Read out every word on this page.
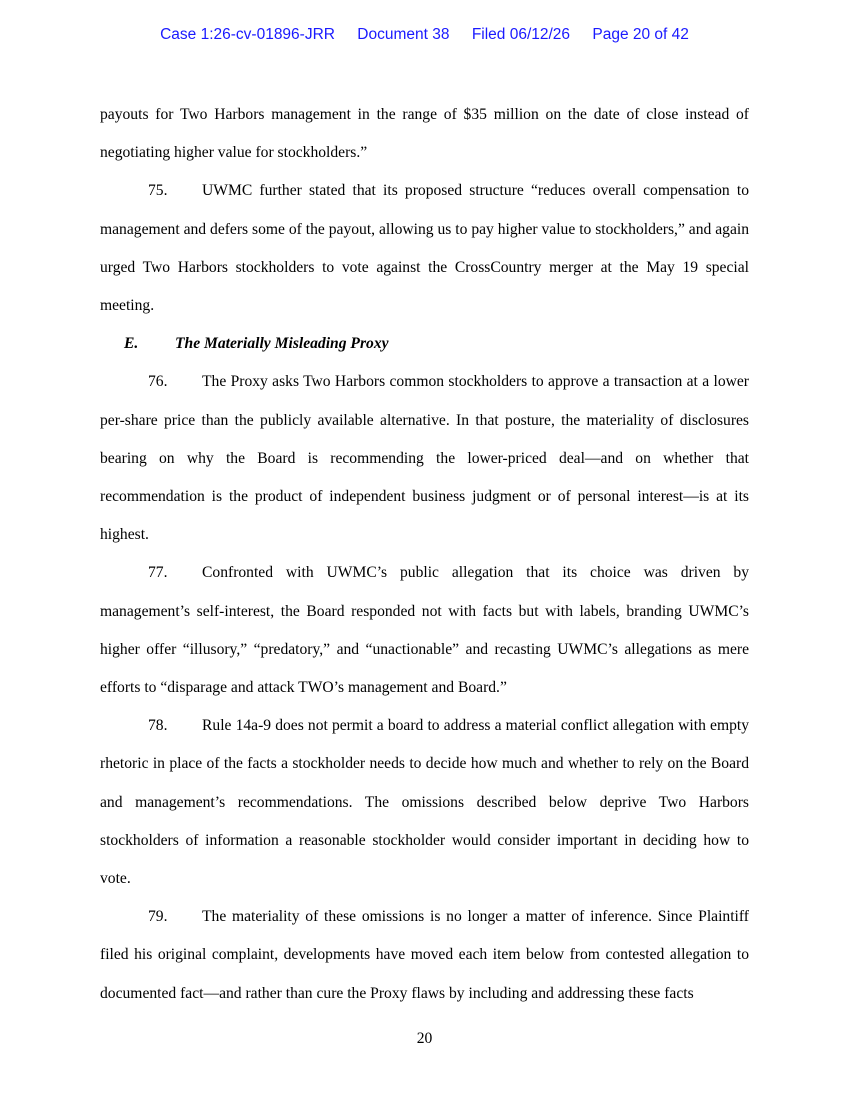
Case 1:26-cv-01896-JRR Document 38 Filed 06/12/26 Page 20 of 42

payouts for Two Harbors management in the range of $35 million on the date of close instead of negotiating higher value for stockholders.”

75. UWMC further stated that its proposed structure “reduces overall compensation to management and defers some of the payout, allowing us to pay higher value to stockholders,” and again urged Two Harbors stockholders to vote against the CrossCountry merger at the May 19 special meeting.

E. The Materially Misleading Proxy

76. The Proxy asks Two Harbors common stockholders to approve a transaction at a lower per-share price than the publicly available alternative. In that posture, the materiality of disclosures bearing on why the Board is recommending the lower-priced deal—and on whether that recommendation is the product of independent business judgment or of personal interest—is at its highest.

77. Confronted with UWMC’s public allegation that its choice was driven by management’s self-interest, the Board responded not with facts but with labels, branding UWMC’s higher offer “illusory,” “predatory,” and “unactionable” and recasting UWMC’s allegations as mere efforts to “disparage and attack TWO’s management and Board.”

78. Rule 14a-9 does not permit a board to address a material conflict allegation with empty rhetoric in place of the facts a stockholder needs to decide how much and whether to rely on the Board and management’s recommendations. The omissions described below deprive Two Harbors stockholders of information a reasonable stockholder would consider important in deciding how to vote.

79. The materiality of these omissions is no longer a matter of inference. Since Plaintiff filed his original complaint, developments have moved each item below from contested allegation to documented fact—and rather than cure the Proxy flaws by including and addressing these facts

20
